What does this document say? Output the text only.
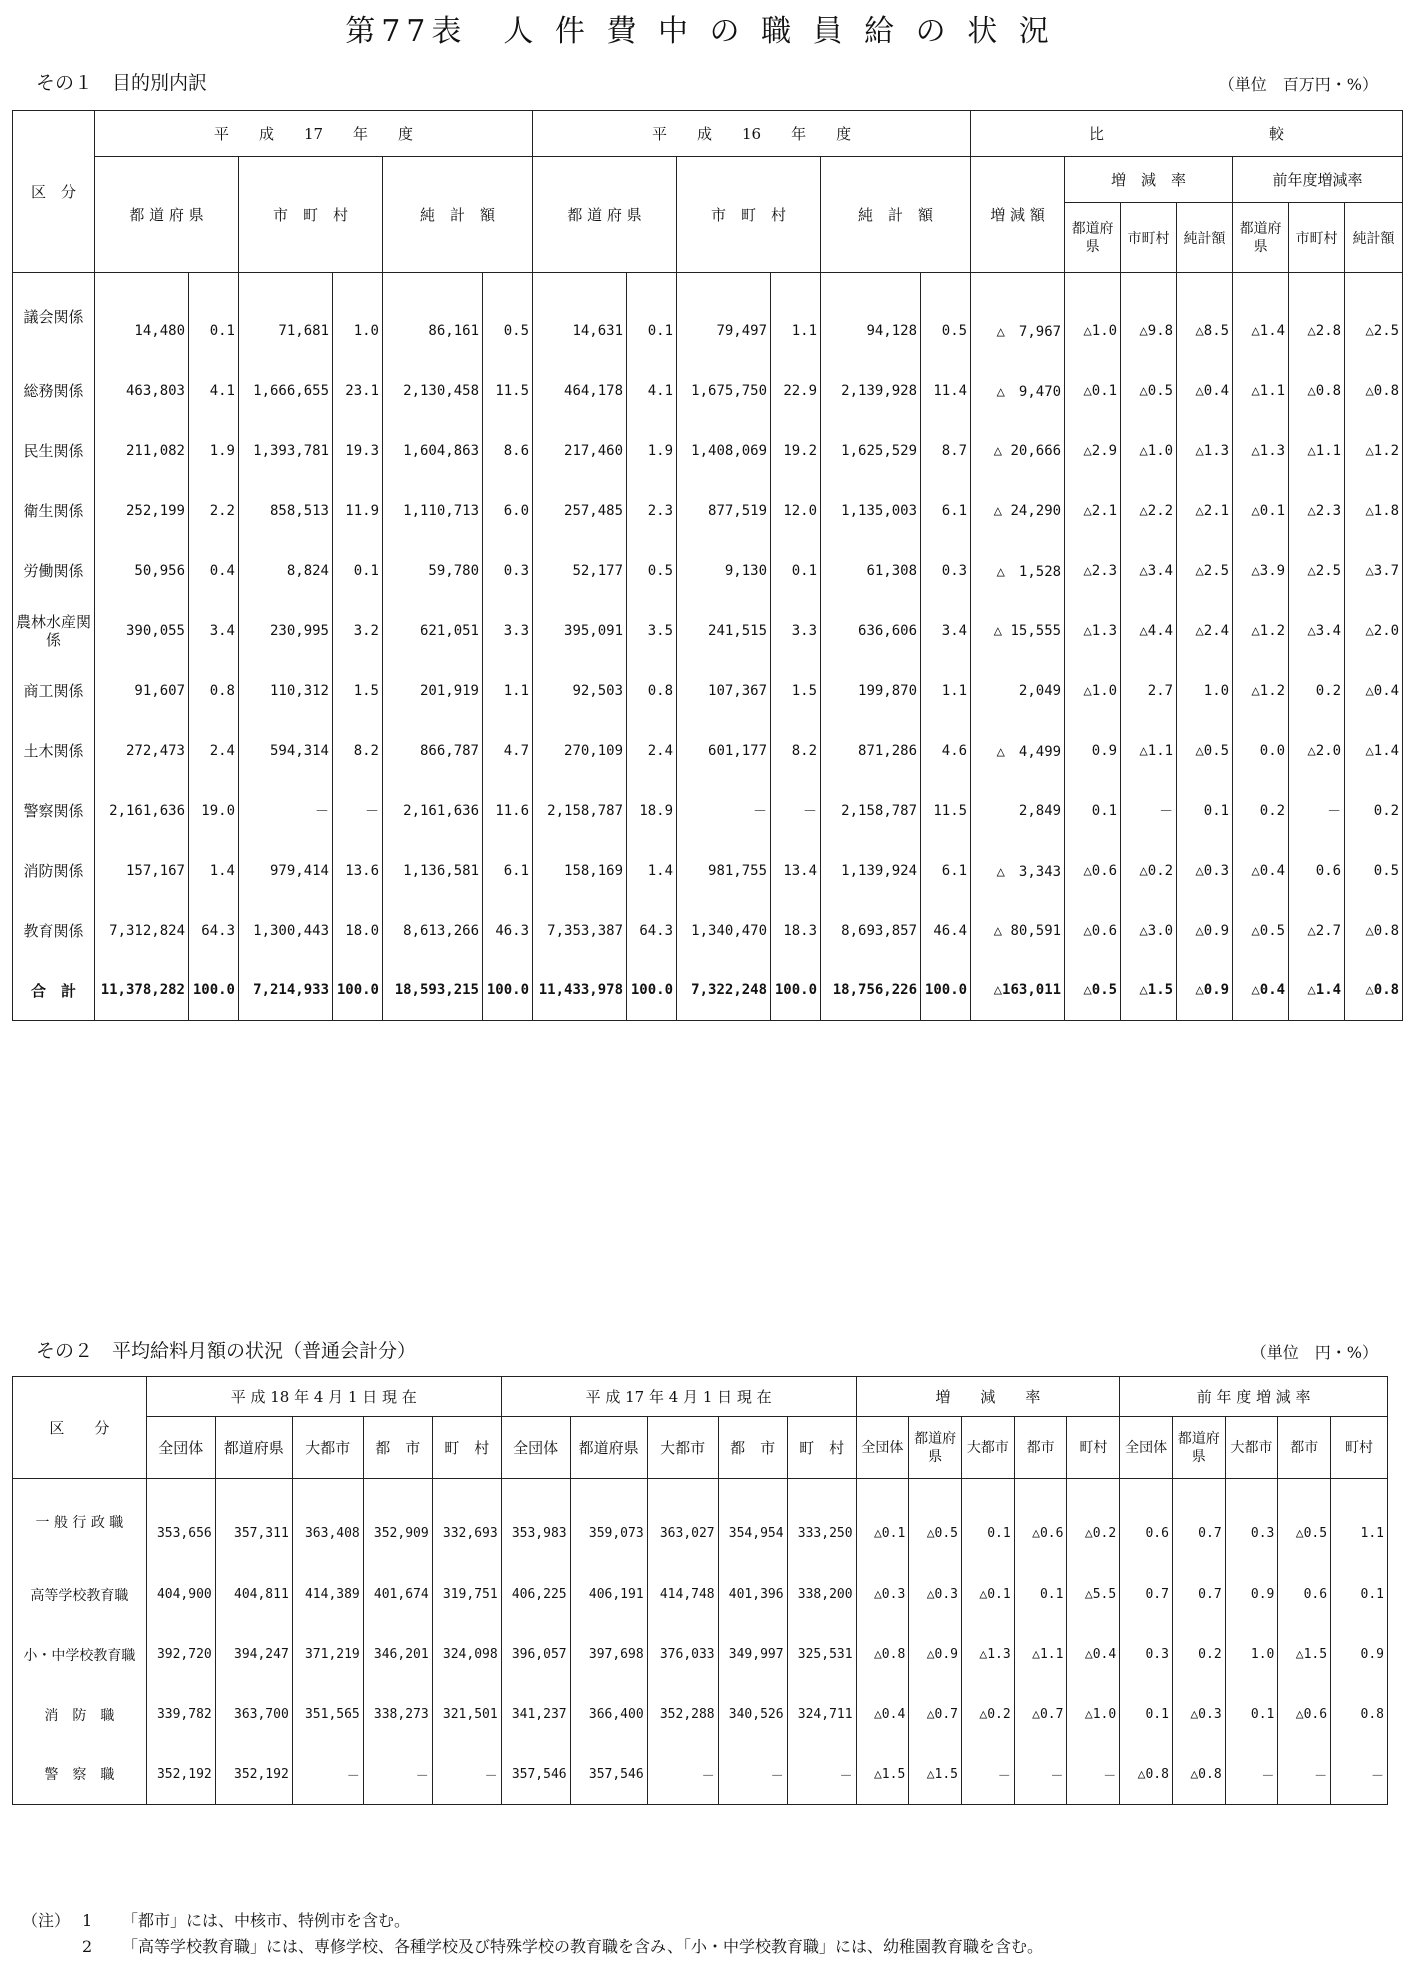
第77表　人 件 費 中 の 職 員 給 の 状 況
その１　目的別内訳	（単位　百万円・%）
区　分	平　　成　　17　　年　　度						平　　成　　16　　年　　度						比　　　　　　　　　　　較						
	都 道 府 県		市　町　村		純　計　額		都 道 府 県		市　町　村		純　計　額		増 減 額	増　減　率			前年度増減率		
														都道府県	市町村	純計額	都道府県	市町村	純計額
議会関係	14,480	0.1	71,681	1.0	86,161	0.5	14,631	0.1	79,497	1.1	94,128	0.5	△　7,967	△1.0	△9.8	△8.5	△1.4	△2.8	△2.5
総務関係	463,803	4.1	1,666,655	23.1	2,130,458	11.5	464,178	4.1	1,675,750	22.9	2,139,928	11.4	△　9,470	△0.1	△0.5	△0.4	△1.1	△0.8	△0.8
民生関係	211,082	1.9	1,393,781	19.3	1,604,863	8.6	217,460	1.9	1,408,069	19.2	1,625,529	8.7	△ 20,666	△2.9	△1.0	△1.3	△1.3	△1.1	△1.2
衛生関係	252,199	2.2	858,513	11.9	1,110,713	6.0	257,485	2.3	877,519	12.0	1,135,003	6.1	△ 24,290	△2.1	△2.2	△2.1	△0.1	△2.3	△1.8
労働関係	50,956	0.4	8,824	0.1	59,780	0.3	52,177	0.5	9,130	0.1	61,308	0.3	△　1,528	△2.3	△3.4	△2.5	△3.9	△2.5	△3.7
農林水産関　係	390,055	3.4	230,995	3.2	621,051	3.3	395,091	3.5	241,515	3.3	636,606	3.4	△ 15,555	△1.3	△4.4	△2.4	△1.2	△3.4	△2.0
商工関係	91,607	0.8	110,312	1.5	201,919	1.1	92,503	0.8	107,367	1.5	199,870	1.1	2,049	△1.0	2.7	1.0	△1.2	0.2	△0.4
土木関係	272,473	2.4	594,314	8.2	866,787	4.7	270,109	2.4	601,177	8.2	871,286	4.6	△　4,499	0.9	△1.1	△0.5	0.0	△2.0	△1.4
警察関係	2,161,636	19.0	－	－	2,161,636	11.6	2,158,787	18.9	－	－	2,158,787	11.5	2,849	0.1	－	0.1	0.2	－	0.2
消防関係	157,167	1.4	979,414	13.6	1,136,581	6.1	158,169	1.4	981,755	13.4	1,139,924	6.1	△　3,343	△0.6	△0.2	△0.3	△0.4	0.6	0.5
教育関係	7,312,824	64.3	1,300,443	18.0	8,613,266	46.3	7,353,387	64.3	1,340,470	18.3	8,693,857	46.4	△ 80,591	△0.6	△3.0	△0.9	△0.5	△2.7	△0.8
合　計	11,378,282	100.0	7,214,933	100.0	18,593,215	100.0	11,433,978	100.0	7,322,248	100.0	18,756,226	100.0	△163,011	△0.5	△1.5	△0.9	△0.4	△1.4	△0.8
その２　平均給料月額の状況（普通会計分）	（単位　円・%）
区　　分	平 成 18 年 4 月 1 日 現 在					平 成 17 年 4 月 1 日 現 在					増　　減　　率					前 年 度 増 減 率				
	全団体	都道府県	大都市	都　市	町　村	全団体	都道府県	大都市	都　市	町　村	全団体	都道府県	大都市	都市	町村	全団体	都道府県	大都市	都市	町村
一 般 行 政 職	353,656	357,311	363,408	352,909	332,693	353,983	359,073	363,027	354,954	333,250	△0.1	△0.5	0.1	△0.6	△0.2	0.6	0.7	0.3	△0.5	1.1
高等学校教育職	404,900	404,811	414,389	401,674	319,751	406,225	406,191	414,748	401,396	338,200	△0.3	△0.3	△0.1	0.1	△5.5	0.7	0.7	0.9	0.6	0.1
小・中学校教育職	392,720	394,247	371,219	346,201	324,098	396,057	397,698	376,033	349,997	325,531	△0.8	△0.9	△1.3	△1.1	△0.4	0.3	0.2	1.0	△1.5	0.9
消　防　職	339,782	363,700	351,565	338,273	321,501	341,237	366,400	352,288	340,526	324,711	△0.4	△0.7	△0.2	△0.7	△1.0	0.1	△0.3	0.1	△0.6	0.8
警　察　職	352,192	352,192	－	－	－	357,546	357,546	－	－	－	△1.5	△1.5	－	－	－	△0.8	△0.8	－	－	－
（注） 1 「都市」には、中核市、特例市を含む。
2 「高等学校教育職」には、専修学校、各種学校及び特殊学校の教育職を含み、「小・中学校教育職」には、幼稚園教育職を含む。
